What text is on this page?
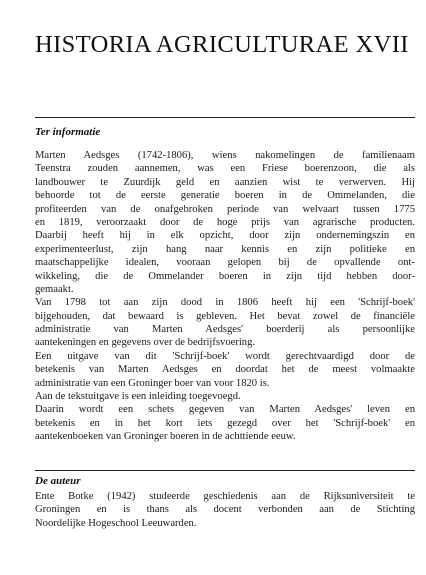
HISTORIA AGRICULTURAE XVII
Ter informatie
Marten Aedsges (1742-1806), wiens nakomelingen de familienaam
Teenstra zouden aannemen, was een Friese boerenzoon, die als
landbouwer te Zuurdijk geld en aanzien wist te verwerven. Hij
behoorde tot de eerste generatie boeren in de Ommelanden, die
profiteerden van de onafgebroken periode van welvaart tussen 1775
en 1819, veroorzaakt door de hoge prijs van agrarische producten.
Daarbij heeft hij in elk opzicht, door zijn ondernemingszin en
experimenteerlust, zijn hang naar kennis en zijn politieke en
maatschappelijke idealen, vooraan gelopen bij de opvallende ont-
wikkeling, die de Ommelander boeren in zijn tijd hebben door-
gemaakt.
Van 1798 tot aan zijn dood in 1806 heeft hij een 'Schrijf-boek'
bijgehouden, dat bewaard is gebleven. Het bevat zowel de financiële
administratie van Marten Aedsges' boerderij als persoonlijke
aantekeningen en gegevens over de bedrijfsvoering.
Een uitgave van dit 'Schrijf-boek' wordt gerechtvaardigd door de
betekenis van Marten Aedsges en doordat het de meest volmaakte
administratie van een Groninger boer van voor 1820 is.
Aan de tekstuitgave is een inleiding toegevoegd.
Daarin wordt een schets gegeven van Marten Aedsges' leven en
betekenis en in het kort iets gezegd over het 'Schrijf-boek' en
aantekenboeken van Groninger boeren in de achttiende eeuw.
De auteur
Ente Botke (1942) studeerde geschiedenis aan de Rijksuniversiteit te
Groningen en is thans als docent verbonden aan de Stichting
Noordelijke Hogeschool Leeuwarden.
